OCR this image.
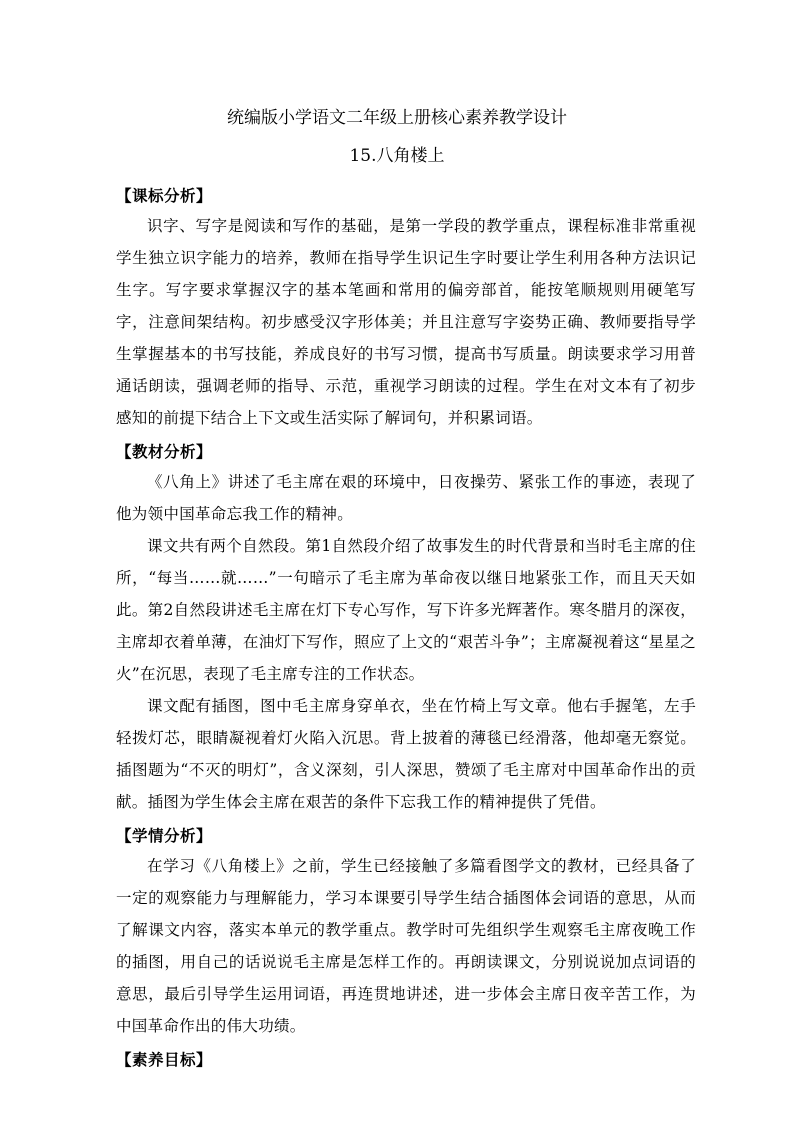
统编版小学语文二年级上册核心素养教学设计
15.八角楼上

【课标分析】

识字、写字是阅读和写作的基础，是第一学段的教学重点，课程标准非常重视学生独立识字能力的培养，教师在指导学生识记生字时要让学生利用各种方法识记生字。写字要求掌握汉字的基本笔画和常用的偏旁部首，能按笔顺规则用硬笔写字，注意间架结构。初步感受汉字形体美；并且注意写字姿势正确、教师要指导学生掌握基本的书写技能，养成良好的书写习惯，提高书写质量。朗读要求学习用普通话朗读，强调老师的指导、示范，重视学习朗读的过程。学生在对文本有了初步感知的前提下结合上下文或生活实际了解词句，并积累词语。

【教材分析】

《八角上》讲述了毛主席在艰的环境中，日夜操劳、紧张工作的事迹，表现了他为领中国革命忘我工作的精神。

课文共有两个自然段。第1自然段介绍了故事发生的时代背景和当时毛主席的住所，“每当……就……”一句暗示了毛主席为革命夜以继日地紧张工作，而且天天如此。第2自然段讲述毛主席在灯下专心写作，写下许多光辉著作。寒冬腊月的深夜，主席却衣着单薄，在油灯下写作，照应了上文的“艰苦斗争”；主席凝视着这“星星之火”在沉思，表现了毛主席专注的工作状态。

课文配有插图，图中毛主席身穿单衣，坐在竹椅上写文章。他右手握笔，左手轻拨灯芯，眼睛凝视着灯火陷入沉思。背上披着的薄毯已经滑落，他却毫无察觉。插图题为“不灭的明灯”，含义深刻，引人深思，赞颂了毛主席对中国革命作出的贡献。插图为学生体会主席在艰苦的条件下忘我工作的精神提供了凭借。

【学情分析】

在学习《八角楼上》之前，学生已经接触了多篇看图学文的教材，已经具备了一定的观察能力与理解能力，学习本课要引导学生结合插图体会词语的意思，从而了解课文内容，落实本单元的教学重点。教学时可先组织学生观察毛主席夜晚工作的插图，用自己的话说说毛主席是怎样工作的。再朗读课文，分别说说加点词语的意思，最后引导学生运用词语，再连贯地讲述，进一步体会主席日夜辛苦工作，为中国革命作出的伟大功绩。

【素养目标】
